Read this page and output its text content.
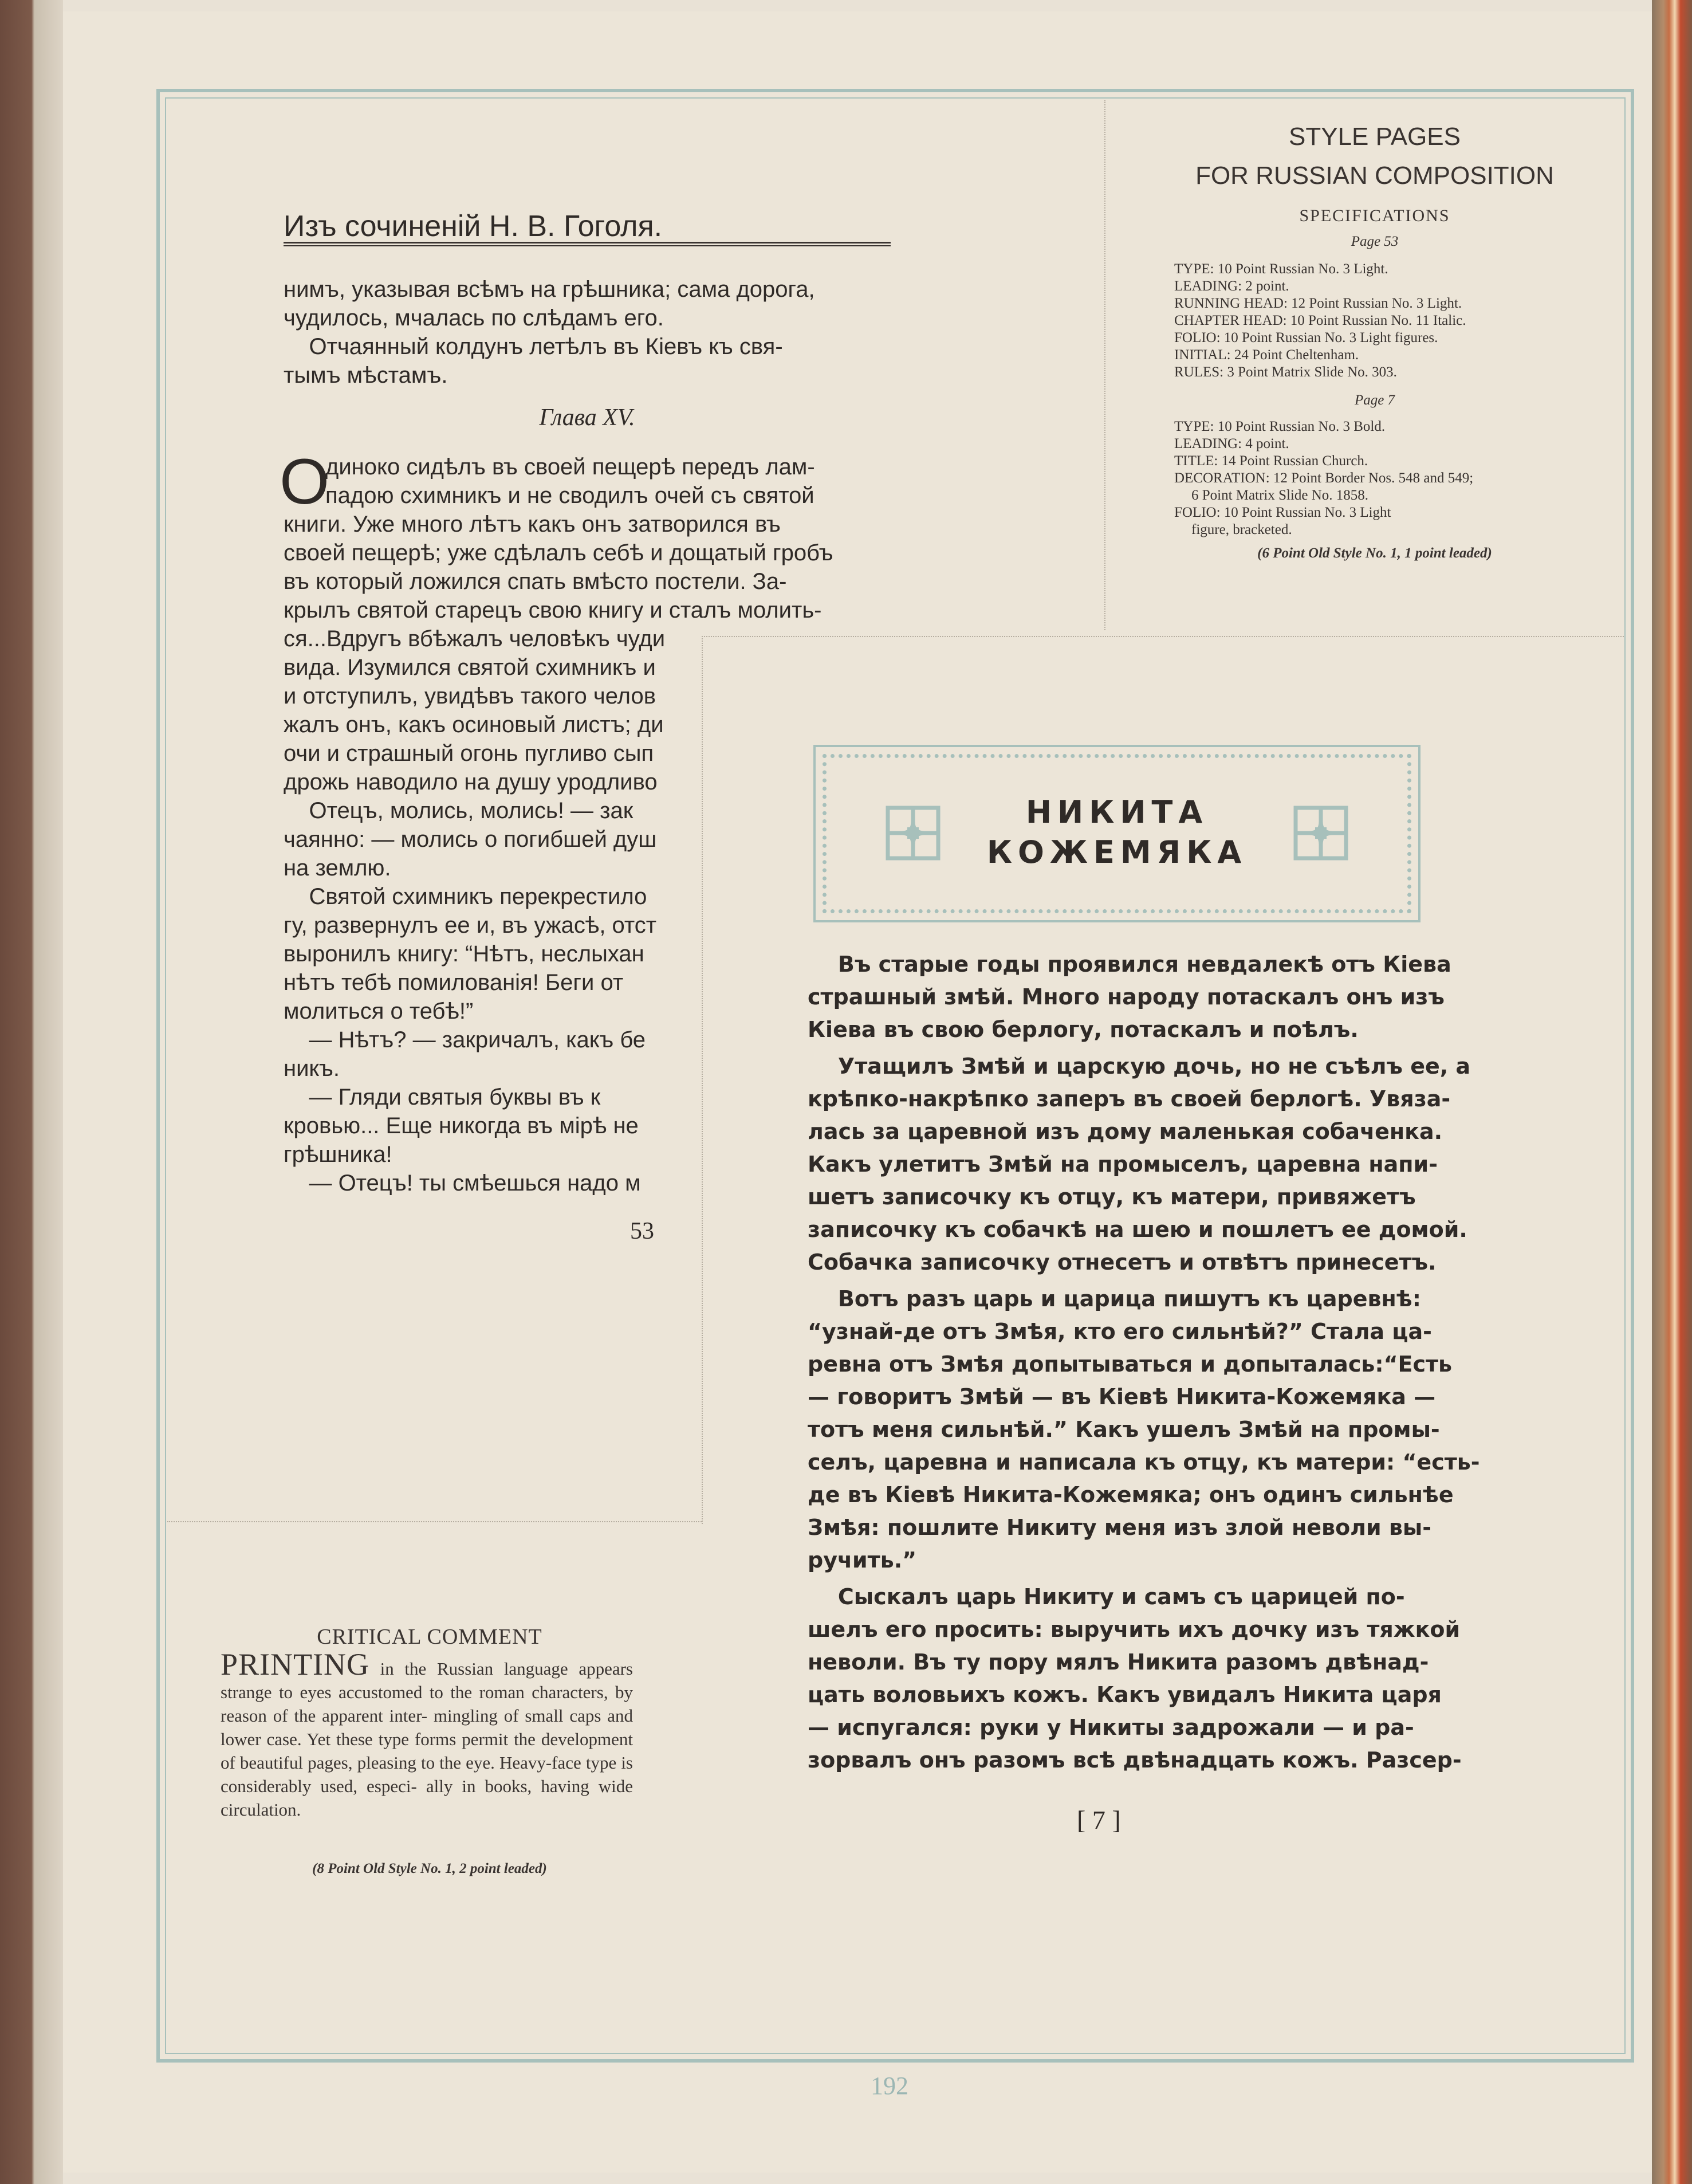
Изъ сочиненій Н. В. Гоголя.
нимъ, указывая всѣмъ на грѣшника; сама дорога,
чудилось, мчалась по слѣдамъ его.
Отчаянный колдунъ летѣлъ въ Кіевъ къ свя-
тымъ мѣстамъ.
Глава XV.
О
диноко сидѣлъ въ своей пещерѣ передъ лам-
падою схимникъ и не сводилъ очей съ святой
книги. Уже много лѣтъ какъ онъ затворился въ
своей пещерѣ; уже сдѣлалъ себѣ и дощатый гробъ
въ который ложился спать вмѣсто постели. За-
крылъ святой старецъ свою книгу и сталъ молить-
ся...Вдругъ вбѣжалъ человѣкъ чуди
вида. Изумился святой схимникъ и
и отступилъ, увидѣвъ такого челов
жалъ онъ, какъ осиновый листъ; ди
очи и страшный огонь пугливо сып
дрожь наводило на душу уродливо
Отецъ, молись, молись! — зак
чаянно: — молись о погибшей душ
на землю.
Святой схимникъ перекрестило
гу, развернулъ ее и, въ ужасѣ, отст
выронилъ книгу: “Нѣтъ, неслыхан
нѣтъ тебѣ помилованія! Беги от
молиться о тебѣ!”
— Нѣтъ? — закричалъ, какъ бе
никъ.
— Гляди святыя буквы въ к
кровью... Еще никогда въ мірѣ не
грѣшника!
— Отецъ! ты смѣешься надо м
53
STYLE PAGES
FOR RUSSIAN COMPOSITION
SPECIFICATIONS
Page 53
TYPE: 10 Point Russian No. 3 Light.
LEADING: 2 point.
RUNNING HEAD: 12 Point Russian No. 3 Light.
CHAPTER HEAD: 10 Point Russian No. 11 Italic.
FOLIO: 10 Point Russian No. 3 Light figures.
INITIAL: 24 Point Cheltenham.
RULES: 3 Point Matrix Slide No. 303.
Page 7
TYPE: 10 Point Russian No. 3 Bold.
LEADING: 4 point.
TITLE: 14 Point Russian Church.
DECORATION: 12 Point Border Nos. 548 and 549;
6 Point Matrix Slide No. 1858.
FOLIO: 10 Point Russian No. 3 Light
figure, bracketed.
(6 Point Old Style No. 1, 1 point leaded)
CRITICAL COMMENT
PRINTING in the Russian language appears strange to eyes accustomed to the roman characters, by reason of the apparent inter- mingling of small caps and lower case. Yet these type forms permit the development of beautiful pages, pleasing to the eye. Heavy-face type is considerably used, especi- ally in books, having wide circulation.
(8 Point Old Style No. 1, 2 point leaded)
НИКИТА
КОЖЕМЯКА
Въ старые годы проявился невдалекѣ отъ Кіева
страшный змѣй. Много народу потаскалъ онъ изъ
Кіева въ свою берлогу, потаскалъ и поѣлъ.
Утащилъ Змѣй и царскую дочь, но не съѣлъ ее, а
крѣпко-накрѣпко заперъ въ своей берлогѣ. Увяза-
лась за царевной изъ дому маленькая собаченка.
Какъ улетитъ Змѣй на промыселъ, царевна напи-
шетъ записочку къ отцу, къ матери, привяжетъ
записочку къ собачкѣ на шею и пошлетъ ее домой.
Собачка записочку отнесетъ и отвѣтъ принесетъ.
Вотъ разъ царь и царица пишутъ къ царевнѣ:
“узнай-де отъ Змѣя, кто его сильнѣй?” Стала ца-
ревна отъ Змѣя допытываться и допыталась:“Есть
— говоритъ Змѣй — въ Кіевѣ Никита-Кожемяка —
тотъ меня сильнѣй.” Какъ ушелъ Змѣй на промы-
селъ, царевна и написала къ отцу, къ матери: “есть-
де въ Кіевѣ Никита-Кожемяка; онъ одинъ сильнѣе
Змѣя: пошлите Никиту меня изъ злой неволи вы-
ручить.”
Сыскалъ царь Никиту и самъ съ царицей по-
шелъ его просить: выручить ихъ дочку изъ тяжкой
неволи. Въ ту пору мялъ Никита разомъ двѣнад-
цать воловьихъ кожъ. Какъ увидалъ Никита царя
— испугался: руки у Никиты задрожали — и ра-
зорвалъ онъ разомъ всѣ двѣнадцать кожъ. Разсер-
[ 7 ]
192
